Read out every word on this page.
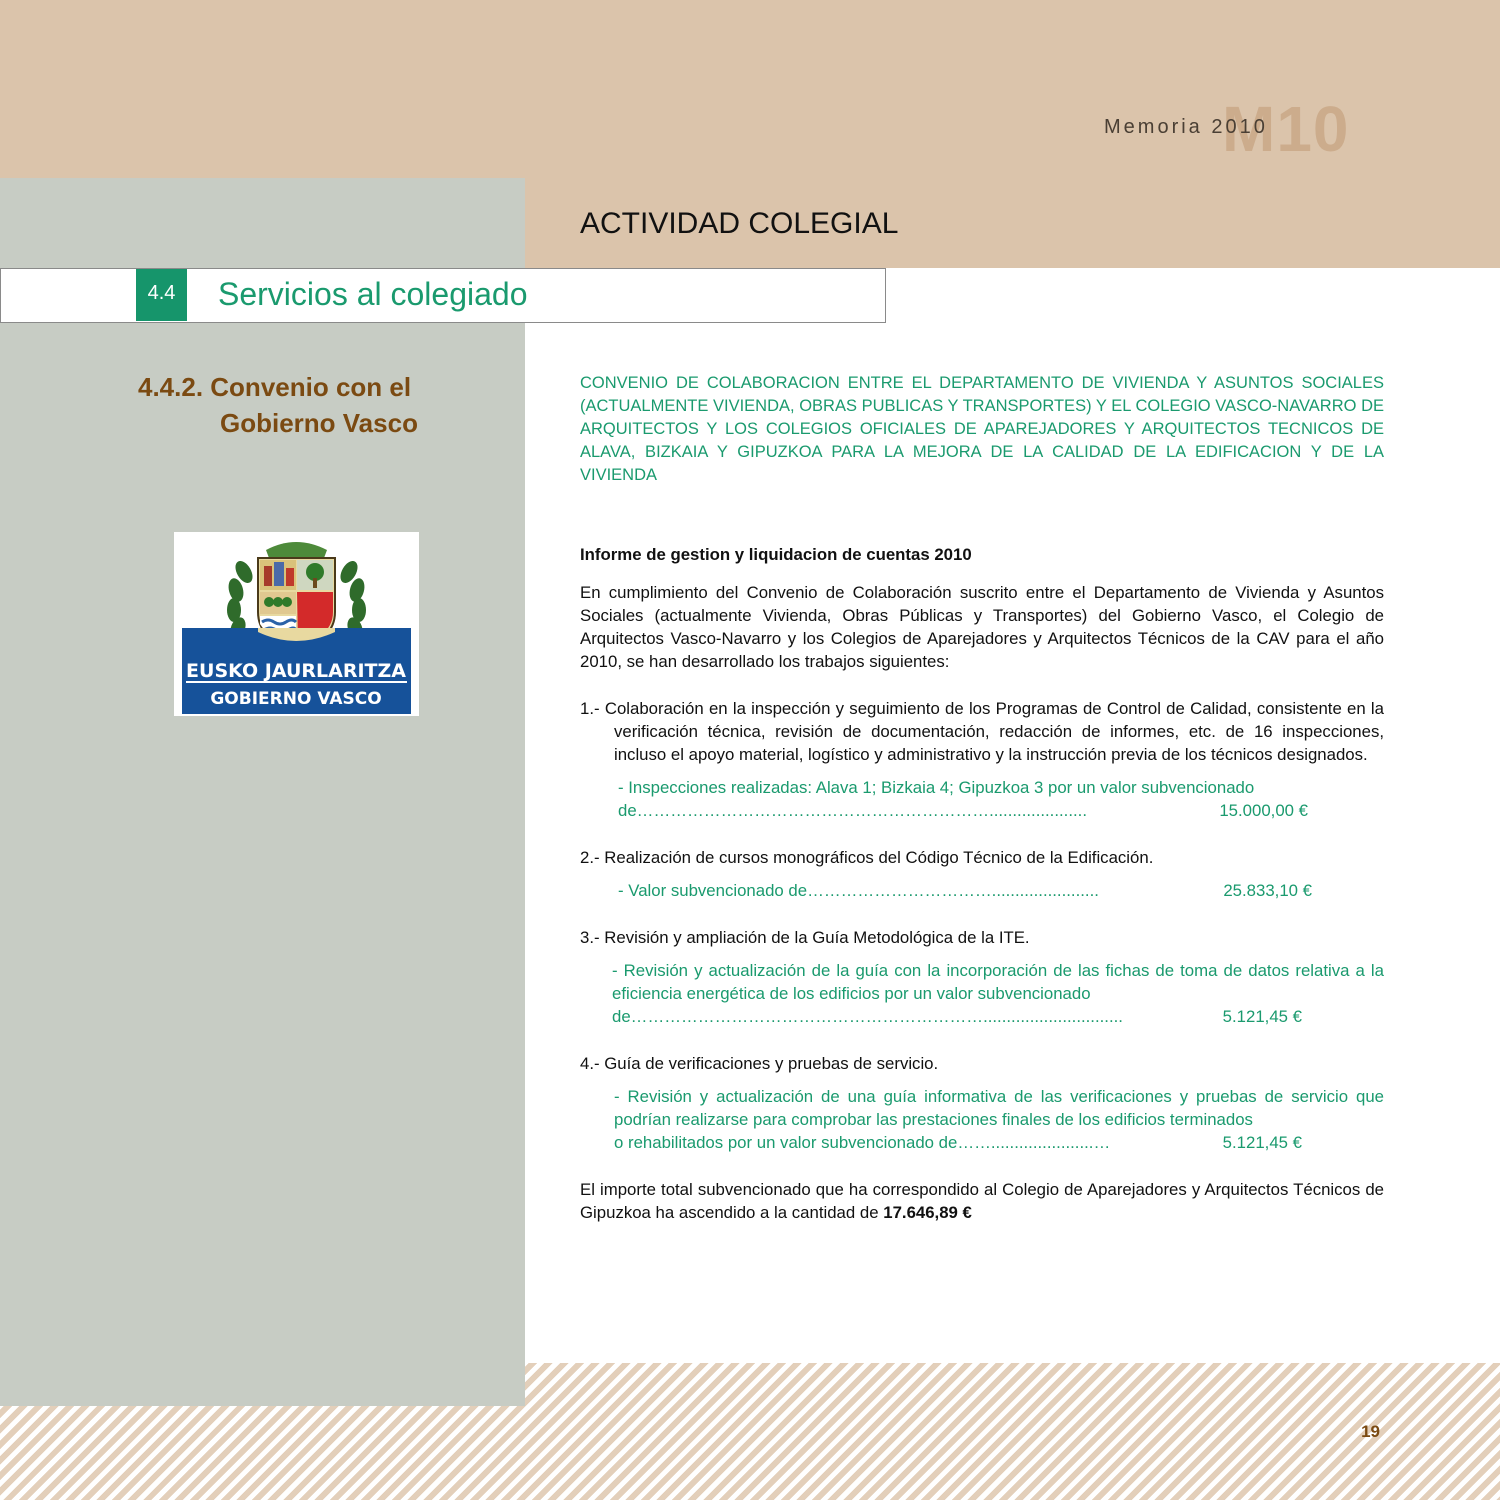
M10
Memoria 2010
ACTIVIDAD COLEGIAL
4.4	Servicios al colegiado
4.4.2. Convenio con el
Gobierno Vasco
EUSKO JAURLARITZA
GOBIERNO VASCO

CONVENIO DE COLABORACION ENTRE EL DEPARTAMENTO DE VIVIENDA Y ASUNTOS SOCIALES (ACTUALMENTE VIVIENDA, OBRAS PUBLICAS Y TRANSPORTES) Y EL COLEGIO VASCO-NAVARRO DE ARQUITECTOS Y LOS COLEGIOS OFICIALES DE APAREJADORES Y ARQUITECTOS TECNICOS DE ALAVA, BIZKAIA Y GIPUZKOA PARA LA MEJORA DE LA CALIDAD DE LA EDIFICACION Y DE LA VIVIENDA

Informe de gestion y liquidacion de cuentas 2010

En cumplimiento del Convenio de Colaboración suscrito entre el Departamento de Vivienda y Asuntos Sociales (actualmente Vivienda, Obras Públicas y Transportes) del Gobierno Vasco, el Colegio de Arquitectos Vasco-Navarro y los Colegios de Aparejadores y Arquitectos Técnicos de la CAV para el año 2010, se han desarrollado los trabajos siguientes:

1.- Colaboración en la inspección y seguimiento de los Programas de Control de Calidad, consistente en la verificación técnica, revisión de documentación, redacción de informes, etc. de 16 inspecciones, incluso el apoyo material, logístico y administrativo y la instrucción previa de los técnicos designados.

- Inspecciones realizadas: Alava 1; Bizkaia 4; Gipuzkoa 3 por un valor subvencionado
de……………………………………………………….....................	15.000,00 €

2.- Realización de cursos monográficos del Código Técnico de la Edificación.

- Valor subvencionado de…………………………….......................	25.833,10 €

3.- Revisión y ampliación de la Guía Metodológica de la ITE.

- Revisión y actualización de la guía con la incorporación de las fichas de toma de datos relativa a la eficiencia energética de los edificios por un valor subvencionado
de………………………………………………………..............................	5.121,45 €

4.- Guía de verificaciones y pruebas de servicio.

- Revisión y actualización de una guía informativa de las verificaciones y pruebas de servicio que podrían realizarse para comprobar las prestaciones finales de los edificios terminados
o rehabilitados por un valor subvencionado de……......................…	5.121,45 €

El importe total subvencionado que ha correspondido al Colegio de Aparejadores y Arquitectos Técnicos de Gipuzkoa ha ascendido a la cantidad de 17.646,89 €

19
